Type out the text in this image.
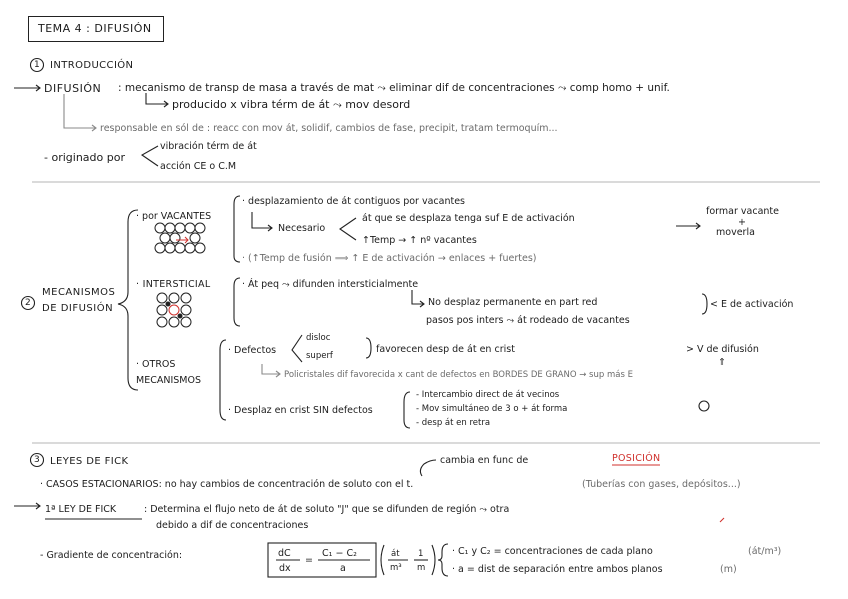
TEMA 4 : DIFUSIÓN
1 INTRODUCCIÓN
DIFUSIÓN : mecanismo de transp de masa a través de mat ⤳ eliminar dif de concentraciones ⤳ comp homo + unif.
producido x vibra térm de át ⤳ mov desord
responsable en sól de : reacc con mov át, solidif, cambios de fase, precipit, tratam termoquím...
- originado por
vibración térm de át
acción CE o C.M
2
MECANISMOS
DE DIFUSIÓN
· por VACANTES
· desplazamiento de át contiguos por vacantes
Necesario
át que se desplaza tenga suf E de activación
↑Temp → ↑ nº vacantes
formar vacante
+
moverla
· (↑Temp de fusión ⟹ ↑ E de activación → enlaces + fuertes)
· INTERSTICIAL	· Át peq ⤳ difunden intersticialmente
No desplaz permanente en part red
pasos pos inters ⤳ át rodeado de vacantes
< E de activación
· OTROS
MECANISMOS
· Defectos
disloc
superf
favorecen desp de át en crist
Policristales dif favorecida x cant de defectos en BORDES DE GRANO → sup más E
> V de difusión
⇑
· Desplaz en crist SIN defectos
- Intercambio direct de át vecinos
- Mov simultáneo de 3 o + át forma
- desp át en retra
3 LEYES DE FICK	cambia en func de	POSICIÓN
· CASOS ESTACIONARIOS: no hay cambios de concentración de soluto con el t.	(Tuberías con gases, depósitos...)
1ª LEY DE FICK	: Determina el flujo neto de át de soluto "J" que se difunden de región ⤳ otra
debido a dif de concentraciones
- Gradiente de concentración:	dC
dx
=
C₁ − C₂
a
át
m³
1
m
· C₁ y C₂ = concentraciones de cada plano	(át/m³)
· a = dist de separación entre ambos planos	(m)
